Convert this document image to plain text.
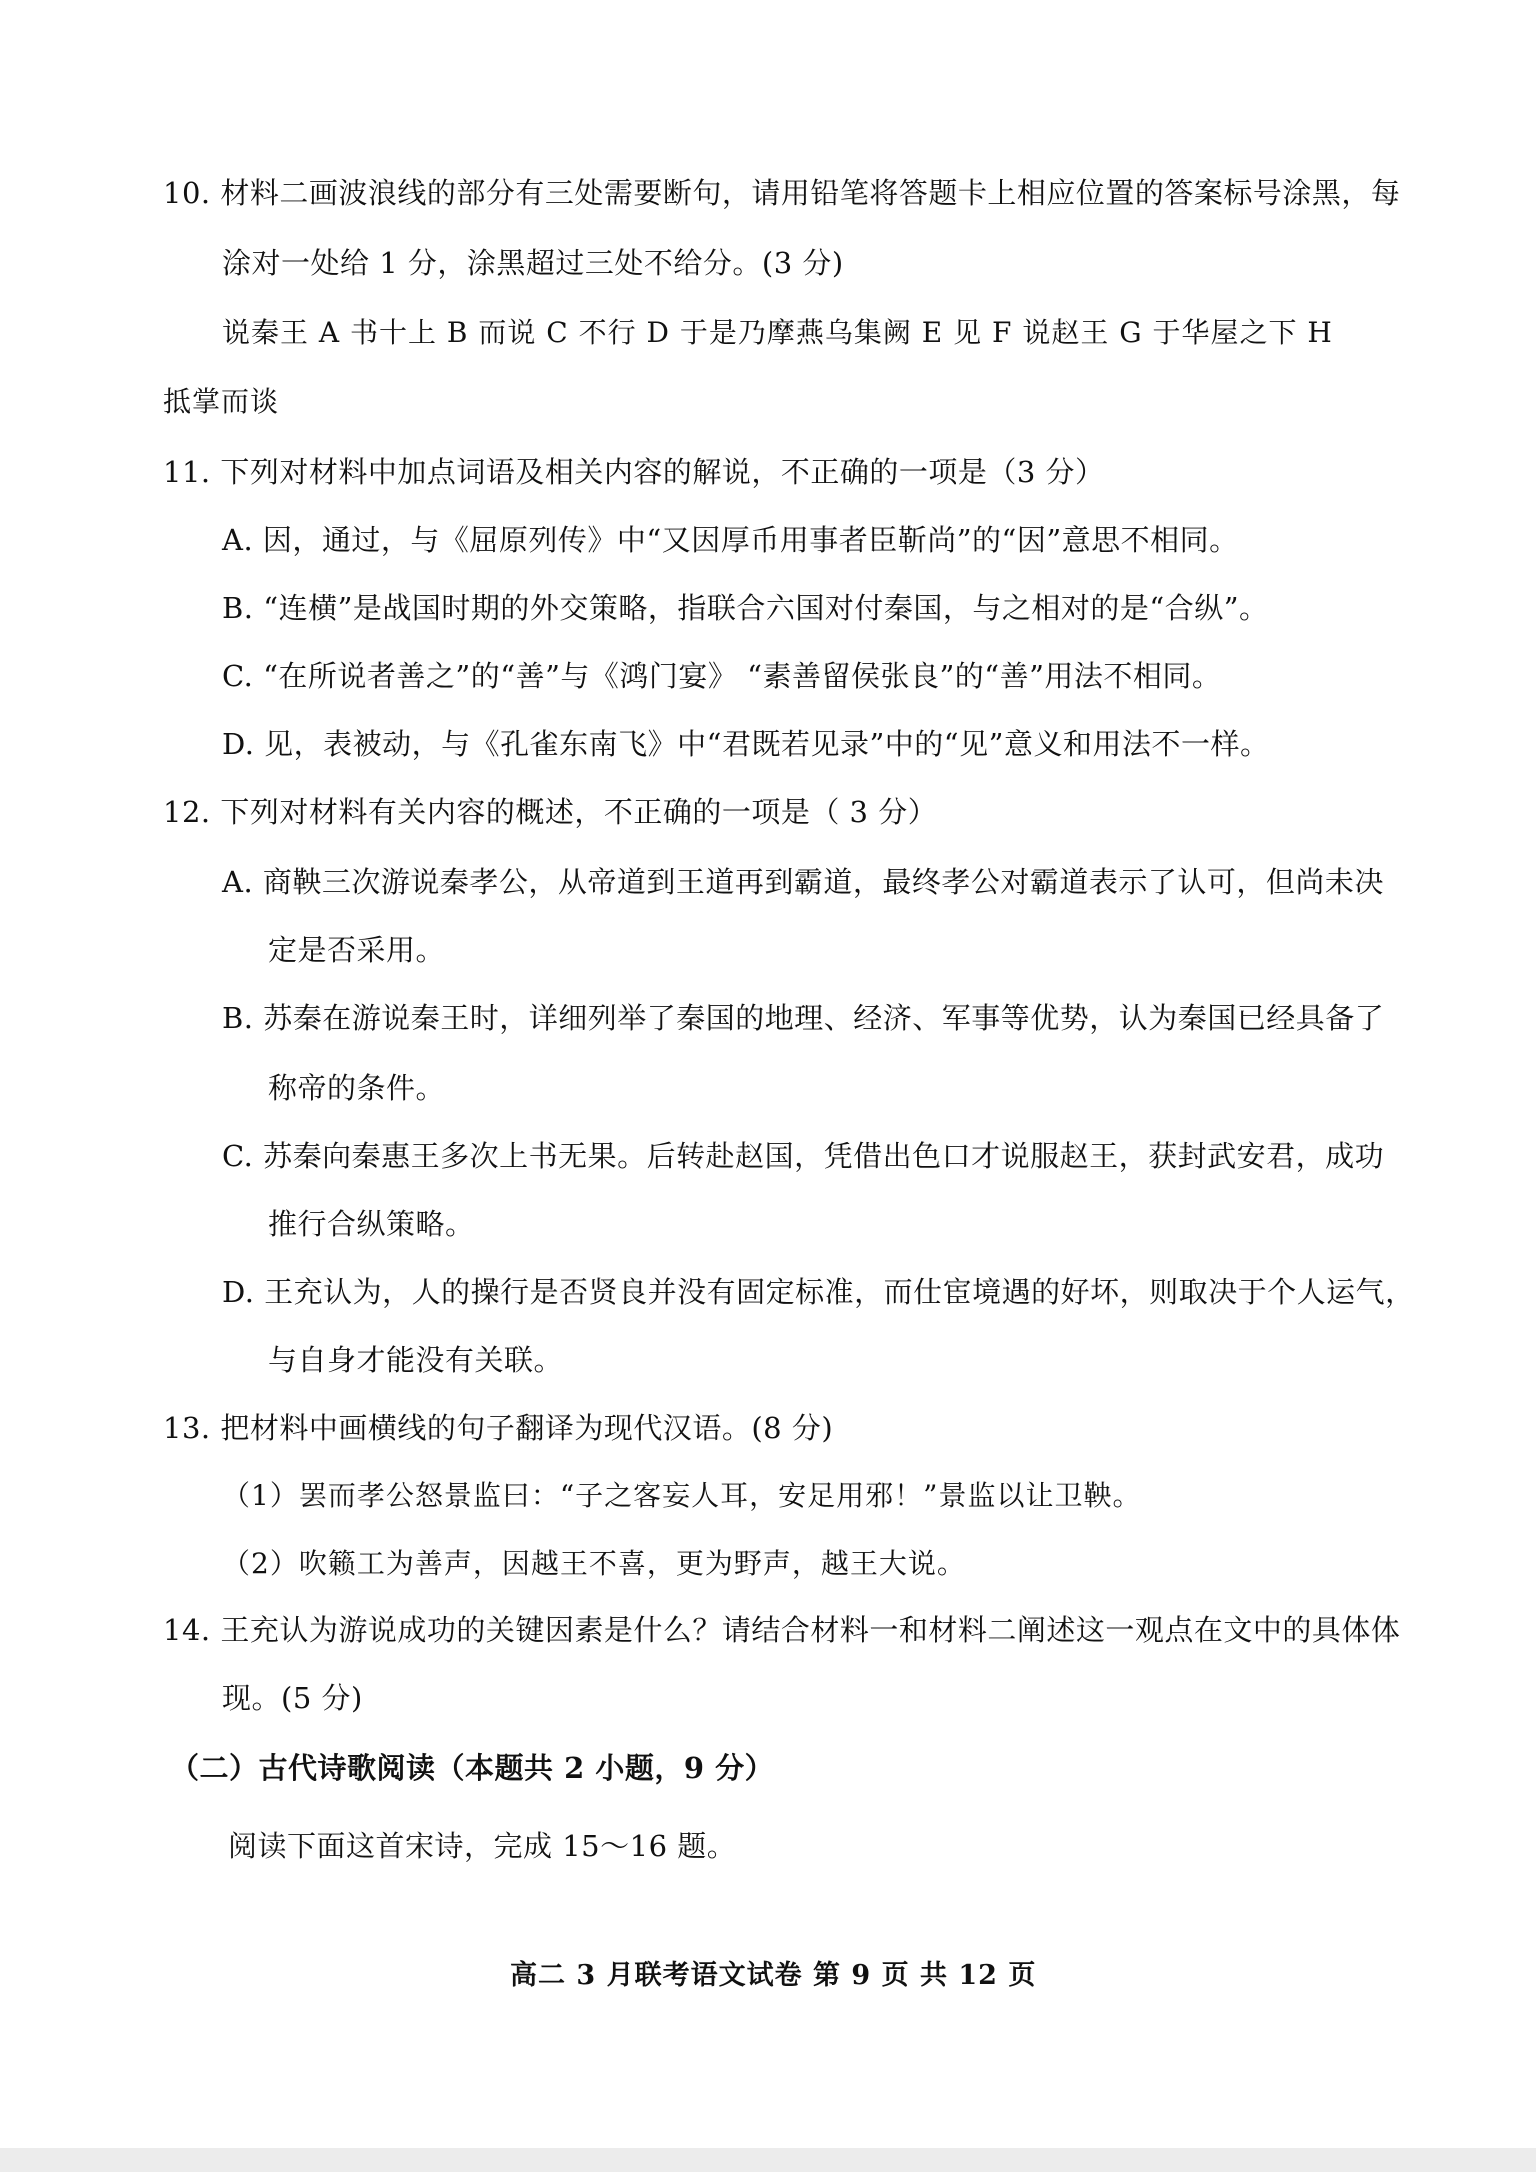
10. 材料二画波浪线的部分有三处需要断句，请用铅笔将答题卡上相应位置的答案标号涂黑，每
涂对一处给 1 分，涂黑超过三处不给分。(3 分)
说秦王 A 书十上 B 而说 C 不行 D 于是乃摩燕乌集阙 E 见 F 说赵王 G 于华屋之下 H
抵掌而谈
11. 下列对材料中加点词语及相关内容的解说，不正确的一项是（3 分）
A. 因，通过，与《屈原列传》中“又因厚币用事者臣靳尚”的“因”意思不相同。
B. “连横”是战国时期的外交策略，指联合六国对付秦国，与之相对的是“合纵”。
C. “在所说者善之”的“善”与《鸿门宴》 “素善留侯张良”的“善”用法不相同。
D. 见，表被动，与《孔雀东南飞》中“君既若见录”中的“见”意义和用法不一样。
12. 下列对材料有关内容的概述，不正确的一项是（ 3 分）
A. 商鞅三次游说秦孝公，从帝道到王道再到霸道，最终孝公对霸道表示了认可，但尚未决
定是否采用。
B. 苏秦在游说秦王时，详细列举了秦国的地理、经济、军事等优势，认为秦国已经具备了
称帝的条件。
C. 苏秦向秦惠王多次上书无果。后转赴赵国，凭借出色口才说服赵王，获封武安君，成功
推行合纵策略。
D. 王充认为，人的操行是否贤良并没有固定标准，而仕宦境遇的好坏，则取决于个人运气，
与自身才能没有关联。
13. 把材料中画横线的句子翻译为现代汉语。(8 分)
（1）罢而孝公怒景监曰：“子之客妄人耳，安足用邪！”景监以让卫鞅。
（2）吹籁工为善声，因越王不喜，更为野声，越王大说。
14. 王充认为游说成功的关键因素是什么？请结合材料一和材料二阐述这一观点在文中的具体体
现。(5 分)
（二）古代诗歌阅读（本题共 2 小题，9 分）
阅读下面这首宋诗，完成 15～16 题。
高二 3 月联考语文试卷 第 9 页 共 12 页
